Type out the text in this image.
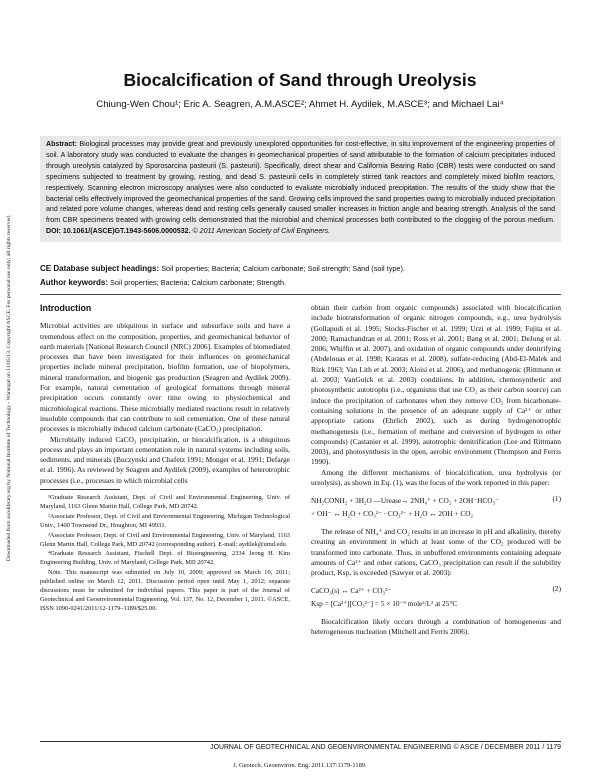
Downloaded from ascelibrary.org by National Institute of Technology - Warangal on 11/05/13. Copyright ASCE. For personal use only; all rights reserved.
Biocalcification of Sand through Ureolysis
Chiung-Wen Chou¹; Eric A. Seagren, A.M.ASCE²; Ahmet H. Aydilek, M.ASCE³; and Michael Lai⁴
Abstract: Biological processes may provide great and previously unexplored opportunities for cost-effective, in situ improvement of the engineering properties of soil. A laboratory study was conducted to evaluate the changes in geomechanical properties of sand attributable to the formation of calcium precipitates induced through ureolysis catalyzed by Sporosarcina pasteurii (S. pasteurii). Specifically, direct shear and California Bearing Ratio (CBR) tests were conducted on sand specimens subjected to treatment by growing, resting, and dead S. pasteurii cells in completely stirred tank reactors and completely mixed biofilm reactors, respectively. Scanning electron microscopy analyses were also conducted to evaluate microbially induced precipitation. The results of the study show that the bacterial cells effectively improved the geomechanical properties of the sand. Growing cells improved the sand properties owing to microbially induced precipitation and related pore volume changes, whereas dead and resting cells generally caused smaller increases in friction angle and bearing strength. Analysis of the sand from CBR specimens treated with growing cells demonstrated that the microbial and chemical processes both contributed to the clogging of the porous medium. DOI: 10.1061/(ASCE)GT.1943-5606.0000532. © 2011 American Society of Civil Engineers.
CE Database subject headings: Soil properties; Bacteria; Calcium carbonate; Soil strength; Sand (soil type).
Author keywords: Soil properties; Bacteria; Calcium carbonate; Strength.
Introduction

Microbial activities are ubiquitous in surface and subsurface soils and have a tremendous effect on the composition, properties, and geomechanical behavior of earth materials [National Research Council (NRC) 2006]. Examples of biomediated processes that have been investigated for their influences on geomechanical properties include mineral precipitation, biofilm formation, use of biopolymers, mineral transformation, and biogenic gas production (Seagren and Aydilek 2009). For example, natural cementation of geological formations through mineral precipitation occurs constantly over time owing to physiochemical and microbiological reactions. These microbially mediated reactions result in relatively insoluble compounds that can contribute to soil cementation. One of these natural processes is microbially induced calcium carbonate (CaCO₃) precipitation.

Microbially induced CaCO₃ precipitation, or biocalcification, is a ubiquitous process and plays an important cementation role in natural systems including soils, sediments, and minerals (Buczynski and Chafetz 1991; Monger et al. 1991; Defarge et al. 1996). As reviewed by Seagren and Aydilek (2009), examples of heterotrophic processes (i.e., processes in which microbial cells

¹Graduate Research Assistant, Dept. of Civil and Environmental Engineering, Univ. of Maryland, 1163 Glenn Martin Hall, College Park, MD 20742.

²Associate Professor, Dept. of Civil and Environmental Engineering, Michigan Technological Univ., 1400 Townsend Dr., Houghton, MI 49931.

³Associate Professor, Dept. of Civil and Environmental Engineering, Univ. of Maryland, 1163 Glenn Martin Hall, College Park, MD 20742 (corresponding author). E-mail: aydilek@umd.edu

⁴Graduate Research Assistant, Fischell Dept. of Bioengineering, 2334 Jeong H. Kim Engineering Building, Univ. of Maryland, College Park, MD 20742.

Note. This manuscript was submitted on July 10, 2009; approved on March 10, 2011; published online on March 12, 2011. Discussion period open until May 1, 2012; separate discussions must be submitted for individual papers. This paper is part of the Journal of Geotechnical and Geoenvironmental Engineering, Vol. 137, No. 12, December 1, 2011. ©ASCE, ISSN 1090-0241/2011/12-1179–1189/$25.00.

obtain their carbon from organic compounds) associated with biocalcification include biotransformation of organic nitrogen compounds, e.g., urea hydrolysis (Gollapudi et al. 1995; Stocks-Fischer et al. 1999; Urzi et al. 1999; Fujita et al. 2000; Ramachandran et al. 2001; Ross et al. 2001; Bang et al. 2001; DeJong et al. 2006; Whiffin et al. 2007), and oxidation of organic compounds under denitrifying (Abdelouas et al. 1998; Karatas et al. 2008), sulfate-reducing (Abd-El-Malek and Rizk 1963; Van Lith et al. 2003; Aloisi et al. 2006), and methanogenic (Rittmann et al. 2003; VanGulck et al. 2003) conditions. In addition, chemosynthetic and photosynthetic autotrophs (i.e., organisms that use CO₂ as their carbon source) can induce the precipitation of carbonates when they remove CO₂ from bicarbonate-containing solutions in the presence of an adequate supply of Ca²⁺ or other appropriate cations (Ehrlich 2002), such as during hydrogenotrophic methanogenesis (i.e., formation of methane and conversion of hydrogen to other compounds) (Castanier et al. 1999), autotrophic denitrification (Lee and Rittmann 2003), and photosynthesis in the open, aerobic environment (Thompson and Ferris 1990).

Among the different mechanisms of biocalcification, urea hydrolysis (or ureolysis), as shown in Eq. (1), was the focus of the work reported in this paper:

NH₂CONH₂ + 3H₂O —Urease→ 2NH₄⁺ + CO₂ + 2OH⁻HCO₃⁻
+ OH⁻ ↔ H₂O + CO₃²⁻ · CO₃²⁻ + H₂O ↔ 2OH + CO₂
(1)

The release of NH₄⁺ and CO₂ results in an increase in pH and alkalinity, thereby creating an environment in which at least some of the CO₂ produced will be transformed into carbonate. Thus, in unbuffered environments containing adequate amounts of Ca²⁺ and other cations, CaCO₃ precipitation can result if the solubility product, Ksp, is exceeded (Sawyer et al. 2003):

CaCO₃(s) ↔ Ca²⁺ + CO₃²⁻
Ksp = [Ca²⁺][CO₃²⁻] = 5 × 10⁻⁹ mole²/L² at 25°C
(2)

Biocalcification likely occurs through a combination of homogeneous and heterogeneous nucleation (Mitchell and Ferris 2006).

JOURNAL OF GEOTECHNICAL AND GEOENVIRONMENTAL ENGINEERING © ASCE / DECEMBER 2011 / 1179
J. Geotech. Geoenviron. Eng. 2011.137:1179-1189.
